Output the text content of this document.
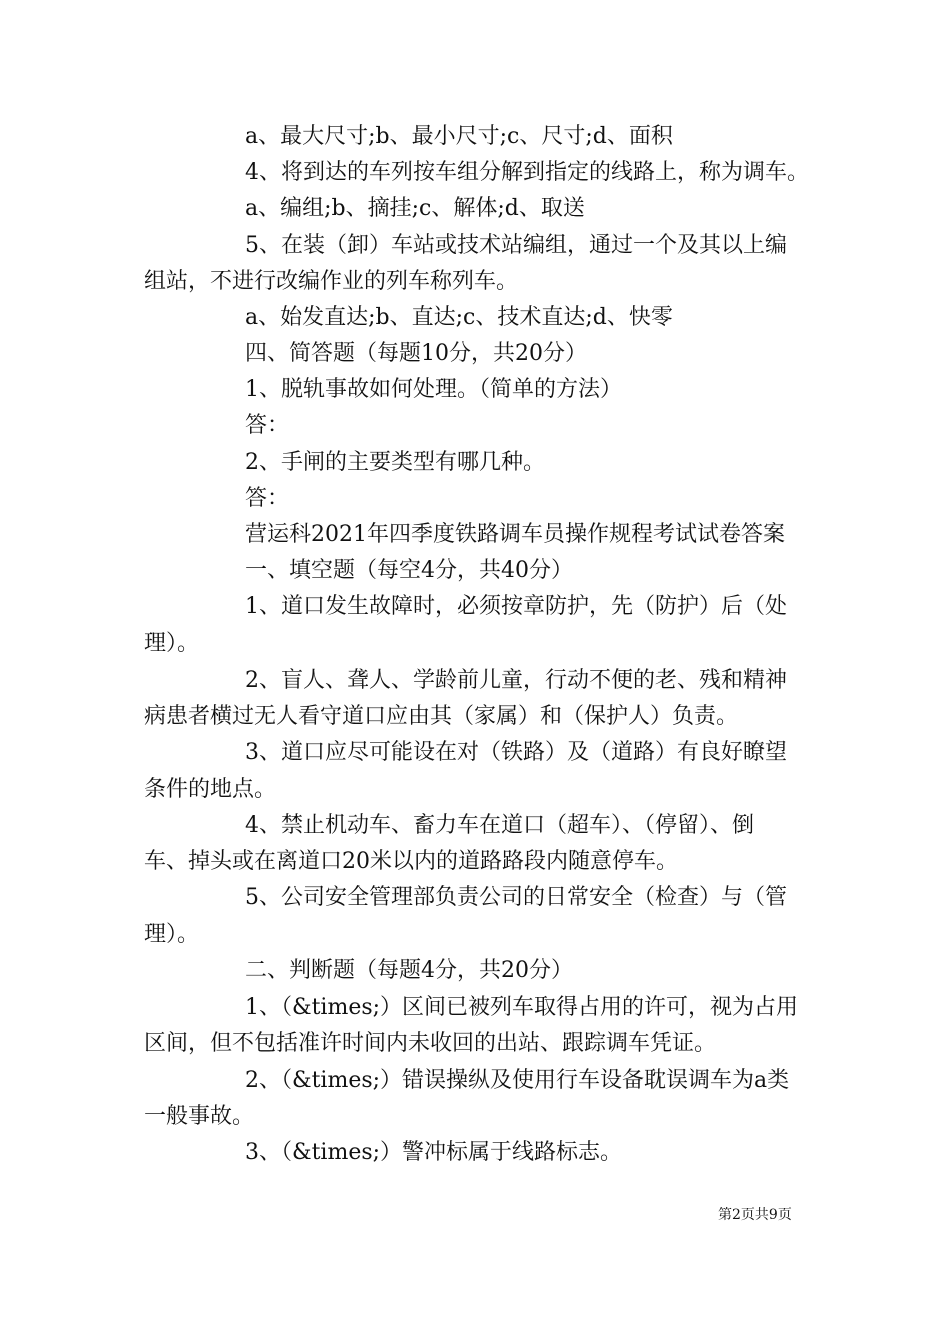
a、最大尺寸;b、最小尺寸;c、尺寸;d、面积
4、将到达的车列按车组分解到指定的线路上，称为调车。
a、编组;b、摘挂;c、解体;d、取送
5、在装（卸）车站或技术站编组，通过一个及其以上编
组站，不进行改编作业的列车称列车。
a、始发直达;b、直达;c、技术直达;d、快零
四、简答题（每题10分，共20分）
1、脱轨事故如何处理。（简单的方法）
答：
2、手闸的主要类型有哪几种。
答：
营运科2021年四季度铁路调车员操作规程考试试卷答案
一、填空题（每空4分，共40分）
1、道口发生故障时，必须按章防护，先（防护）后（处
理）。
2、盲人、聋人、学龄前儿童，行动不便的老、残和精神
病患者横过无人看守道口应由其（家属）和（保护人）负责。
3、道口应尽可能设在对（铁路）及（道路）有良好瞭望
条件的地点。
4、禁止机动车、畜力车在道口（超车）、（停留）、倒
车、掉头或在离道口20米以内的道路路段内随意停车。
5、公司安全管理部负责公司的日常安全（检查）与（管
理）。
二、判断题（每题4分，共20分）
1、（&times;）区间已被列车取得占用的许可，视为占用
区间，但不包括准许时间内未收回的出站、跟踪调车凭证。
2、（&times;）错误操纵及使用行车设备耽误调车为a类
一般事故。
3、（&times;）警冲标属于线路标志。
第2页共9页
